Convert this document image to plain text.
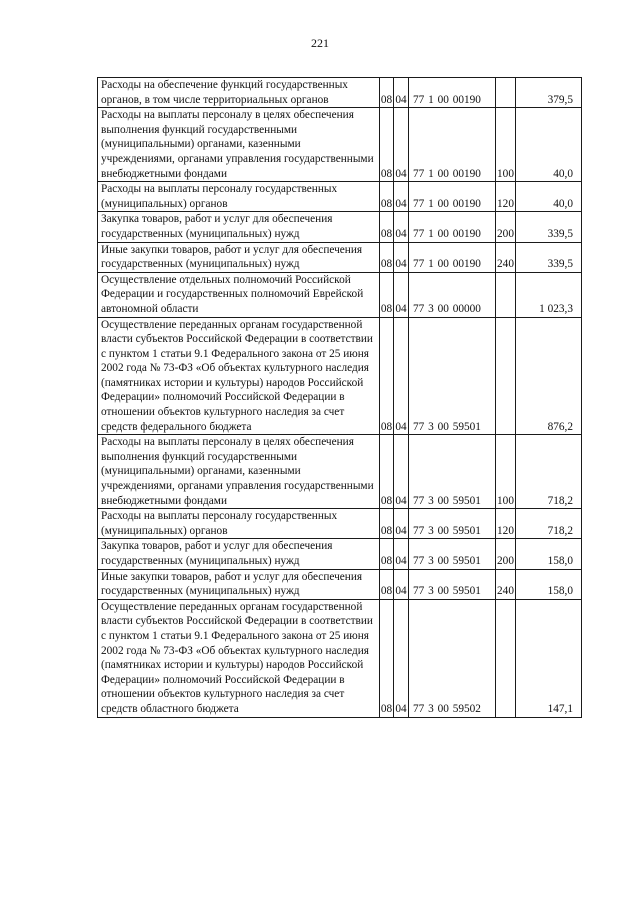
221
Расходы на обеспечение функций государственных органов, в том числе территориальных органов	08	04	77 1 00 00190		379,5
Расходы на выплаты персоналу в целях обеспечения выполнения функций государственными (муниципальными) органами, казенными учреждениями, органами управления государственными внебюджетными фондами	08	04	77 1 00 00190	100	40,0
Расходы на выплаты персоналу государственных (муниципальных) органов	08	04	77 1 00 00190	120	40,0
Закупка товаров, работ и услуг для обеспечения государственных (муниципальных) нужд	08	04	77 1 00 00190	200	339,5
Иные закупки товаров, работ и услуг для обеспечения государственных (муниципальных) нужд	08	04	77 1 00 00190	240	339,5
Осуществление отдельных полномочий Российской Федерации и государственных полномочий Еврейской автономной области	08	04	77 3 00 00000		1 023,3
Осуществление переданных органам государственной власти субъектов Российской Федерации в соответствии с пунктом 1 статьи 9.1 Федерального закона от 25 июня 2002 года № 73-ФЗ «Об объектах культурного наследия (памятниках истории и культуры) народов Российской Федерации» полномочий Российской Федерации в отношении объектов культурного наследия за счет средств федерального бюджета	08	04	77 3 00 59501		876,2
Расходы на выплаты персоналу в целях обеспечения выполнения функций государственными (муниципальными) органами, казенными учреждениями, органами управления государственными внебюджетными фондами	08	04	77 3 00 59501	100	718,2
Расходы на выплаты персоналу государственных (муниципальных) органов	08	04	77 3 00 59501	120	718,2
Закупка товаров, работ и услуг для обеспечения государственных (муниципальных) нужд	08	04	77 3 00 59501	200	158,0
Иные закупки товаров, работ и услуг для обеспечения государственных (муниципальных) нужд	08	04	77 3 00 59501	240	158,0
Осуществление переданных органам государственной власти субъектов Российской Федерации в соответствии с пунктом 1 статьи 9.1 Федерального закона от 25 июня 2002 года № 73-ФЗ «Об объектах культурного наследия (памятниках истории и культуры) народов Российской Федерации» полномочий Российской Федерации в отношении объектов культурного наследия за счет средств областного бюджета	08	04	77 3 00 59502		147,1
